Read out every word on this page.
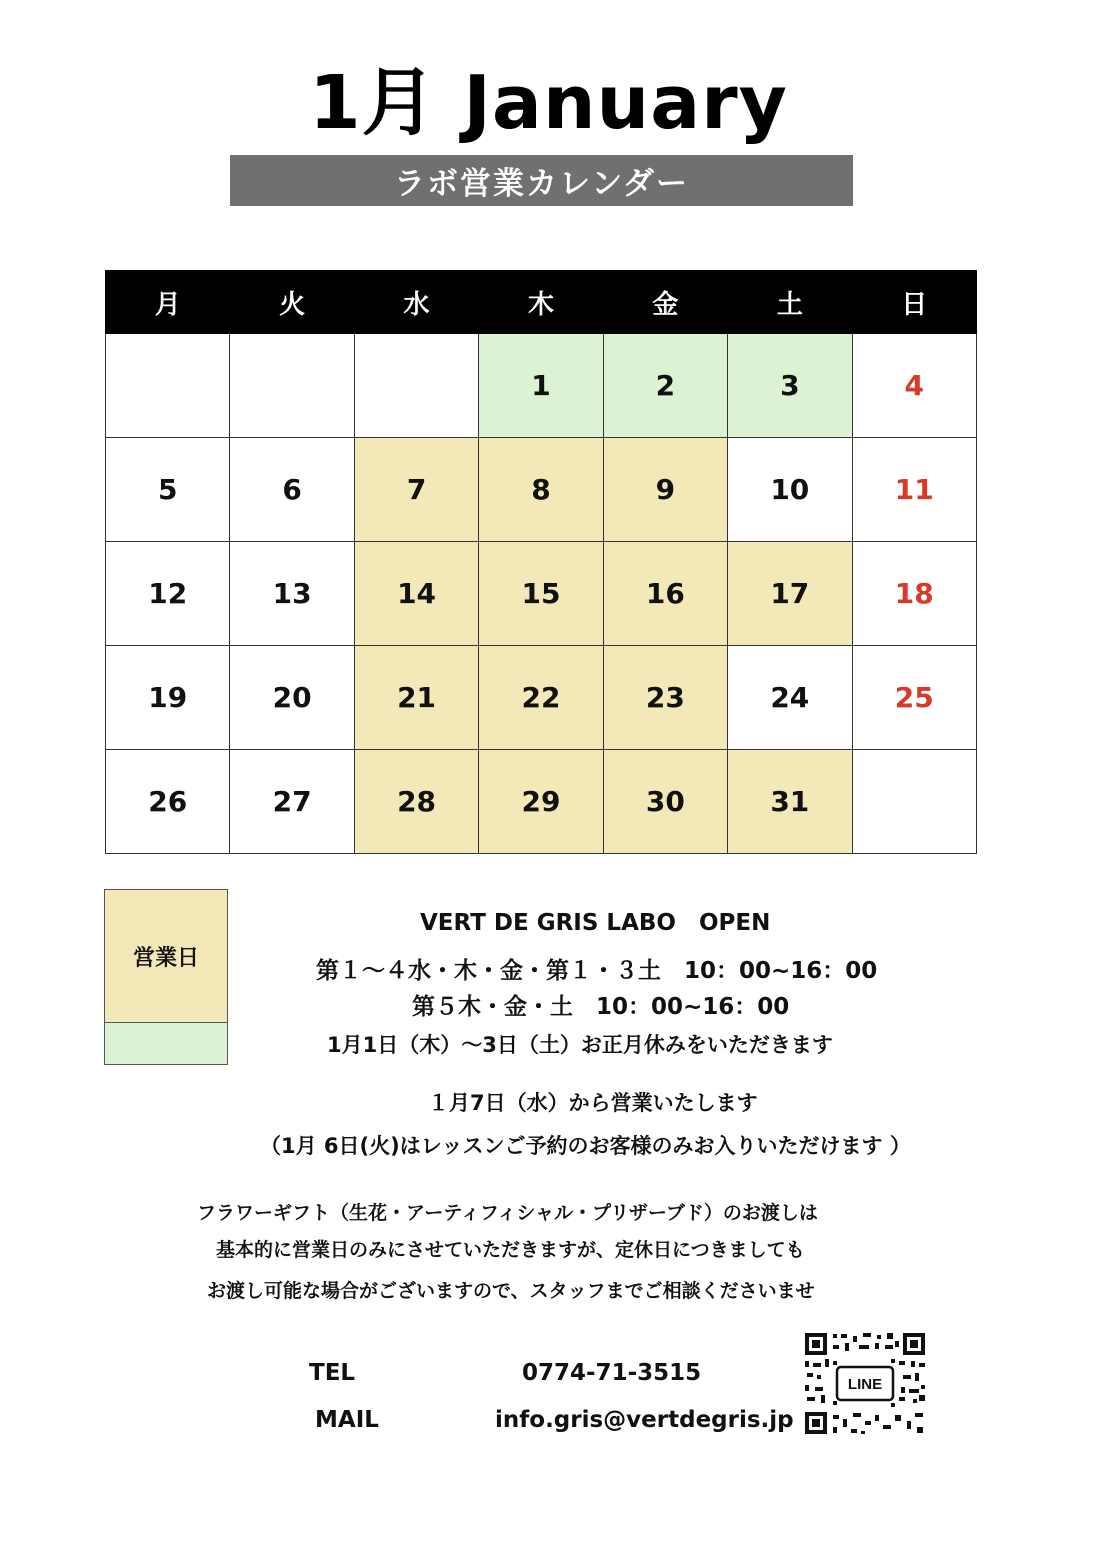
1月 January
ラボ営業カレンダー
月	火	水	木	金	土	日
			1	2	3	4
5	6	7	8	9	10	11
12	13	14	15	16	17	18
19	20	21	22	23	24	25
26	27	28	29	30	31	
営業日
VERT DE GRIS LABO　OPEN
第１～４水・木・金・第１・３土　10：00~16：00
第５木・金・土　10：00~16：00
1月1日（木）～3日（土）お正月休みをいただきます
１月7日（水）から営業いたします
（1月 6日(火)はレッスンご予約のお客様のみお入りいただけます ）
フラワーギフト（生花・アーティフィシャル・プリザーブド）のお渡しは
基本的に営業日のみにさせていただきますが、定休日につきましても
お渡し可能な場合がございますので、スタッフまでご相談くださいませ
TEL	0774-71-3515
MAIL	info.gris@vertdegris.jp
LINE
